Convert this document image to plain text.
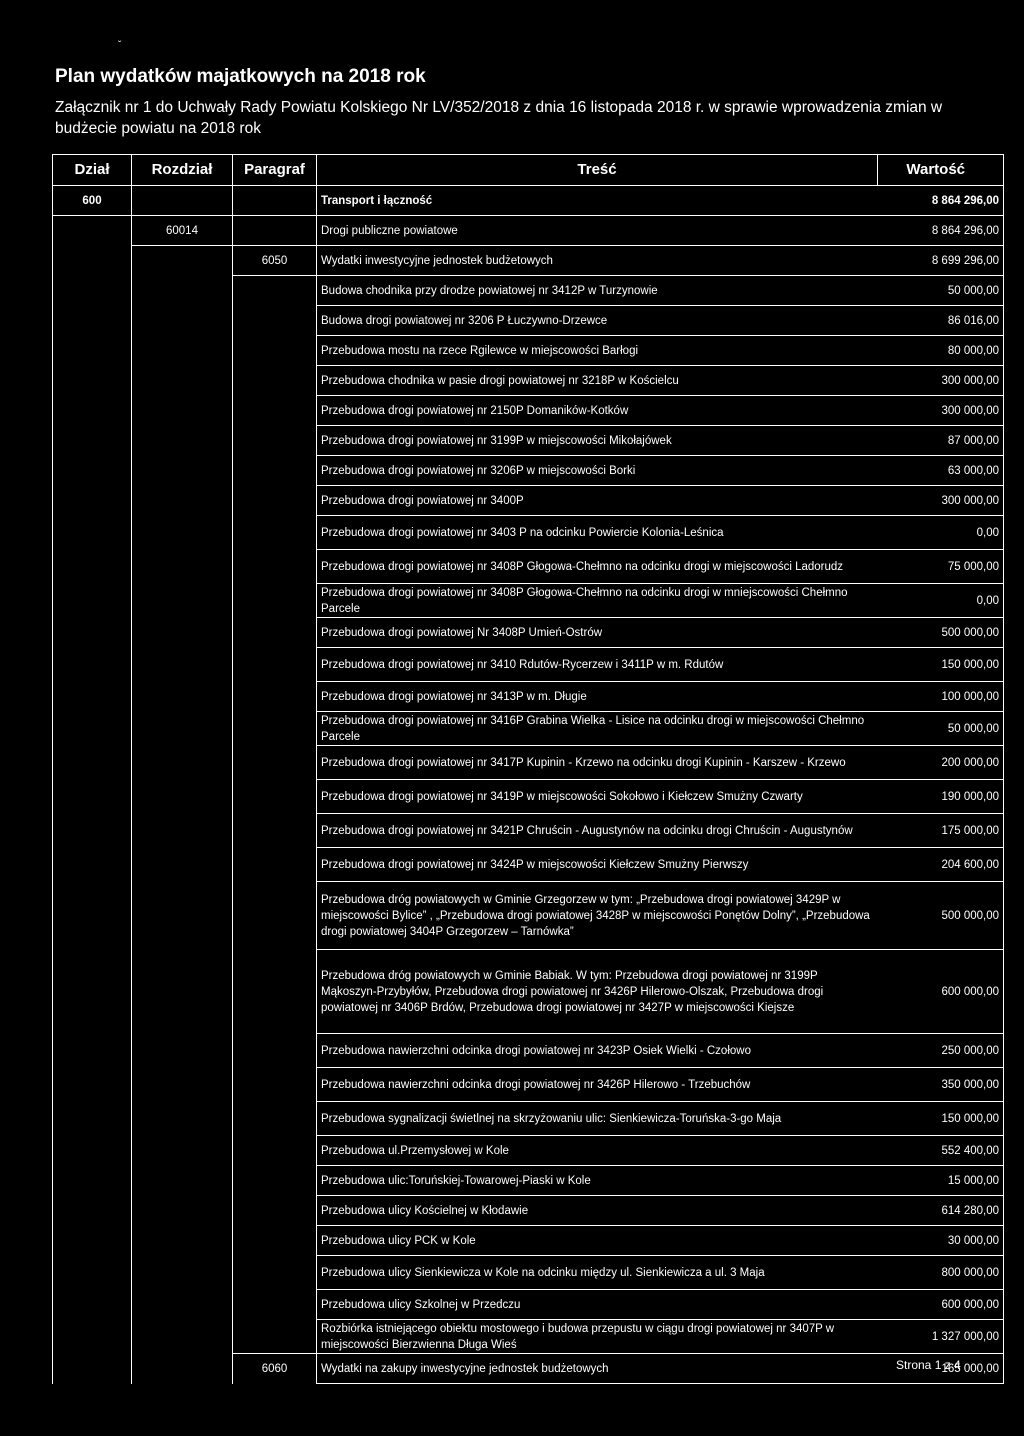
ˇ
Plan wydatków majatkowych na 2018 rok
Załącznik nr 1 do Uchwały Rady Powiatu Kolskiego Nr LV/352/2018 z dnia 16 listopada 2018 r. w sprawie wprowadzenia zmian w budżecie powiatu na 2018 rok
Dział	Rozdział	Paragraf	Treść	Wartość
600			Transport i łączność	8 864 296,00
	60014		Drogi publiczne powiatowe	8 864 296,00
		6050	Wydatki inwestycyjne jednostek budżetowych	8 699 296,00
			Budowa chodnika przy drodze powiatowej nr 3412P w Turzynowie	50 000,00
			Budowa drogi powiatowej nr 3206 P Łuczywno-Drzewce	86 016,00
			Przebudowa mostu na rzece Rgilewce w miejscowości Barłogi	80 000,00
			Przebudowa chodnika w pasie drogi powiatowej nr 3218P w Kościelcu	300 000,00
			Przebudowa drogi powiatowej nr 2150P Domaników-Kotków	300 000,00
			Przebudowa drogi powiatowej nr 3199P w miejscowości Mikołajówek	87 000,00
			Przebudowa drogi powiatowej nr 3206P w miejscowości Borki	63 000,00
			Przebudowa drogi powiatowej nr 3400P	300 000,00
			Przebudowa drogi powiatowej nr 3403 P na odcinku Powiercie Kolonia-Leśnica	0,00
			Przebudowa drogi powiatowej nr 3408P Głogowa-Chełmno na odcinku drogi w miejscowości Ladorudz	75 000,00
			Przebudowa drogi powiatowej nr 3408P Głogowa-Chełmno na odcinku drogi w mniejscowości Chełmno Parcele	0,00
			Przebudowa drogi powiatowej Nr 3408P Umień-Ostrów	500 000,00
			Przebudowa drogi powiatowej nr 3410 Rdutów-Rycerzew i 3411P w m. Rdutów	150 000,00
			Przebudowa drogi powiatowej nr 3413P w m. Długie	100 000,00
			Przebudowa drogi powiatowej nr 3416P Grabina Wielka - Lisice na odcinku drogi w miejscowości Chełmno Parcele	50 000,00
			Przebudowa drogi powiatowej nr 3417P Kupinin - Krzewo na odcinku drogi Kupinin - Karszew - Krzewo	200 000,00
			Przebudowa drogi powiatowej nr 3419P w miejscowości Sokołowo i Kiełczew Smużny Czwarty	190 000,00
			Przebudowa drogi powiatowej nr 3421P Chruścin - Augustynów na odcinku drogi Chruścin - Augustynów	175 000,00
			Przebudowa drogi powiatowej nr 3424P w miejscowości Kiełczew Smużny Pierwszy	204 600,00
			Przebudowa dróg powiatowych w Gminie Grzegorzew w tym: „Przebudowa drogi powiatowej 3429P w miejscowości Bylice” , „Przebudowa drogi powiatowej 3428P w miejscowości Ponętów Dolny”, „Przebudowa drogi powiatowej 3404P Grzegorzew – Tarnówka”	500 000,00
			Przebudowa dróg powiatowych w Gminie Babiak. W tym: Przebudowa drogi powiatowej nr 3199P Mąkoszyn-Przybyłów, Przebudowa drogi powiatowej nr 3426P Hilerowo-Olszak, Przebudowa drogi powiatowej nr 3406P Brdów, Przebudowa drogi powiatowej nr 3427P w miejscowości Kiejsze	600 000,00
			Przebudowa nawierzchni odcinka drogi powiatowej nr 3423P Osiek Wielki - Czołowo	250 000,00
			Przebudowa nawierzchni odcinka drogi powiatowej nr 3426P Hilerowo - Trzebuchów	350 000,00
			Przebudowa sygnalizacji świetlnej na skrzyżowaniu ulic: Sienkiewicza-Toruńska-3-go Maja	150 000,00
			Przebudowa ul.Przemysłowej w Kole	552 400,00
			Przebudowa ulic:Toruńskiej-Towarowej-Piaski w Kole	15 000,00
			Przebudowa ulicy Kościelnej w Kłodawie	614 280,00
			Przebudowa ulicy PCK w Kole	30 000,00
			Przebudowa ulicy Sienkiewicza w Kole na odcinku między ul. Sienkiewicza a ul. 3 Maja	800 000,00
			Przebudowa ulicy Szkolnej w Przedczu	600 000,00
			Rozbiórka istniejącego obiektu mostowego i budowa przepustu w ciągu drogi powiatowej nr 3407P w miejscowości Bierzwienna Długa Wieś	1 327 000,00
		6060	Wydatki na zakupy inwestycyjne jednostek budżetowych	165 000,00
Strona 1 z 4
